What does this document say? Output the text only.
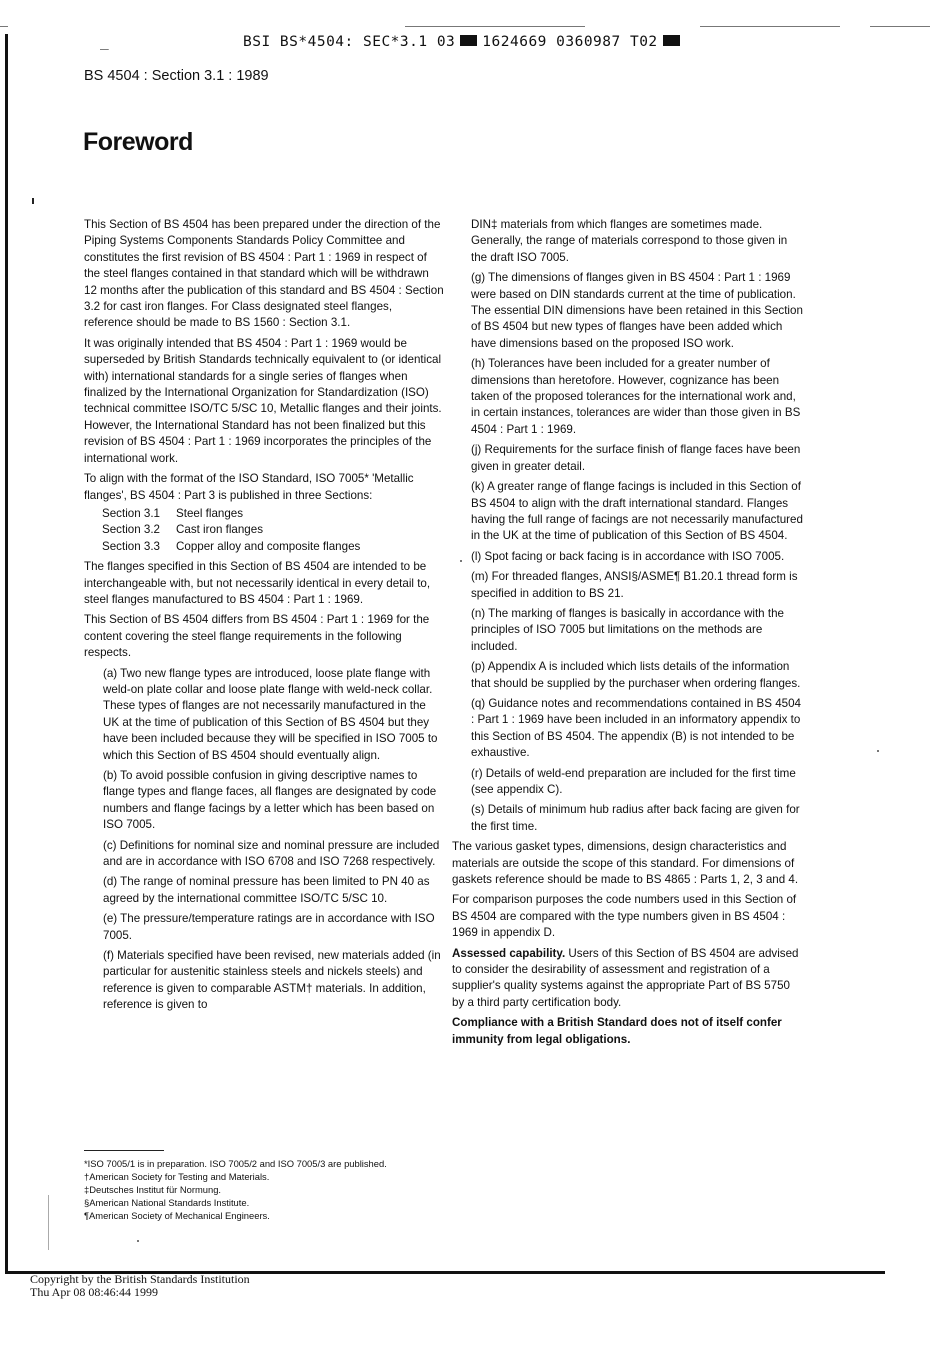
_	BSI BS*4504: SEC*3.1 03 1624669 0360987 T02
BS 4504 : Section 3.1 : 1989
Foreword

This Section of BS 4504 has been prepared under the direction of the Piping Systems Components Standards Policy Committee and constitutes the first revision of BS 4504 : Part 1 : 1969 in respect of the steel flanges contained in that standard which will be withdrawn 12 months after the publication of this standard and BS 4504 : Section 3.2 for cast iron flanges. For Class designated steel flanges, reference should be made to BS 1560 : Section 3.1.

It was originally intended that BS 4504 : Part 1 : 1969 would be superseded by British Standards technically equivalent to (or identical with) international standards for a single series of flanges when finalized by the International Organization for Standardization (ISO) technical committee ISO/TC 5/SC 10, Metallic flanges and their joints. However, the International Standard has not been finalized but this revision of BS 4504 : Part 1 : 1969 incorporates the principles of the international work.

To align with the format of the ISO Standard, ISO 7005* 'Metallic flanges', BS 4504 : Part 3 is published in three Sections:

Section 3.1 Steel flanges
Section 3.2 Cast iron flanges
Section 3.3 Copper alloy and composite flanges

The flanges specified in this Section of BS 4504 are intended to be interchangeable with, but not necessarily identical in every detail to, steel flanges manufactured to BS 4504 : Part 1 : 1969.

This Section of BS 4504 differs from BS 4504 : Part 1 : 1969 for the content covering the steel flange requirements in the following respects.

(a) Two new flange types are introduced, loose plate flange with weld-on plate collar and loose plate flange with weld-neck collar. These types of flanges are not necessarily manufactured in the UK at the time of publication of this Section of BS 4504 but they have been included because they will be specified in ISO 7005 to which this Section of BS 4504 should eventually align.

(b) To avoid possible confusion in giving descriptive names to flange types and flange faces, all flanges are designated by code numbers and flange facings by a letter which has been based on ISO 7005.

(c) Definitions for nominal size and nominal pressure are included and are in accordance with ISO 6708 and ISO 7268 respectively.

(d) The range of nominal pressure has been limited to PN 40 as agreed by the international committee ISO/TC 5/SC 10.

(e) The pressure/temperature ratings are in accordance with ISO 7005.

(f) Materials specified have been revised, new materials added (in particular for austenitic stainless steels and nickels steels) and reference is given to comparable ASTM† materials. In addition, reference is given to

DIN‡ materials from which flanges are sometimes made. Generally, the range of materials correspond to those given in the draft ISO 7005.

(g) The dimensions of flanges given in BS 4504 : Part 1 : 1969 were based on DIN standards current at the time of publication. The essential DIN dimensions have been retained in this Section of BS 4504 but new types of flanges have been added which have dimensions based on the proposed ISO work.

(h) Tolerances have been included for a greater number of dimensions than heretofore. However, cognizance has been taken of the proposed tolerances for the international work and, in certain instances, tolerances are wider than those given in BS 4504 : Part 1 : 1969.

(j) Requirements for the surface finish of flange faces have been given in greater detail.

(k) A greater range of flange facings is included in this Section of BS 4504 to align with the draft international standard. Flanges having the full range of facings are not necessarily manufactured in the UK at the time of publication of this Section of BS 4504.

(l) Spot facing or back facing is in accordance with ISO 7005.

(m) For threaded flanges, ANSI§/ASME¶ B1.20.1 thread form is specified in addition to BS 21.

(n) The marking of flanges is basically in accordance with the principles of ISO 7005 but limitations on the methods are included.

(p) Appendix A is included which lists details of the information that should be supplied by the purchaser when ordering flanges.

(q) Guidance notes and recommendations contained in BS 4504 : Part 1 : 1969 have been included in an informatory appendix to this Section of BS 4504. The appendix (B) is not intended to be exhaustive.

(r) Details of weld-end preparation are included for the first time (see appendix C).

(s) Details of minimum hub radius after back facing are given for the first time.

The various gasket types, dimensions, design characteristics and materials are outside the scope of this standard. For dimensions of gaskets reference should be made to BS 4865 : Parts 1, 2, 3 and 4.

For comparison purposes the code numbers used in this Section of BS 4504 are compared with the type numbers given in BS 4504 : 1969 in appendix D.

Assessed capability. Users of this Section of BS 4504 are advised to consider the desirability of assessment and registration of a supplier's quality systems against the appropriate Part of BS 5750 by a third party certification body.

Compliance with a British Standard does not of itself confer immunity from legal obligations.

*ISO 7005/1 is in preparation. ISO 7005/2 and ISO 7005/3 are published.
†American Society for Testing and Materials.
‡Deutsches Institut für Normung.
§American National Standards Institute.
¶American Society of Mechanical Engineers.
Copyright by the British Standards Institution
Thu Apr 08 08:46:44 1999
